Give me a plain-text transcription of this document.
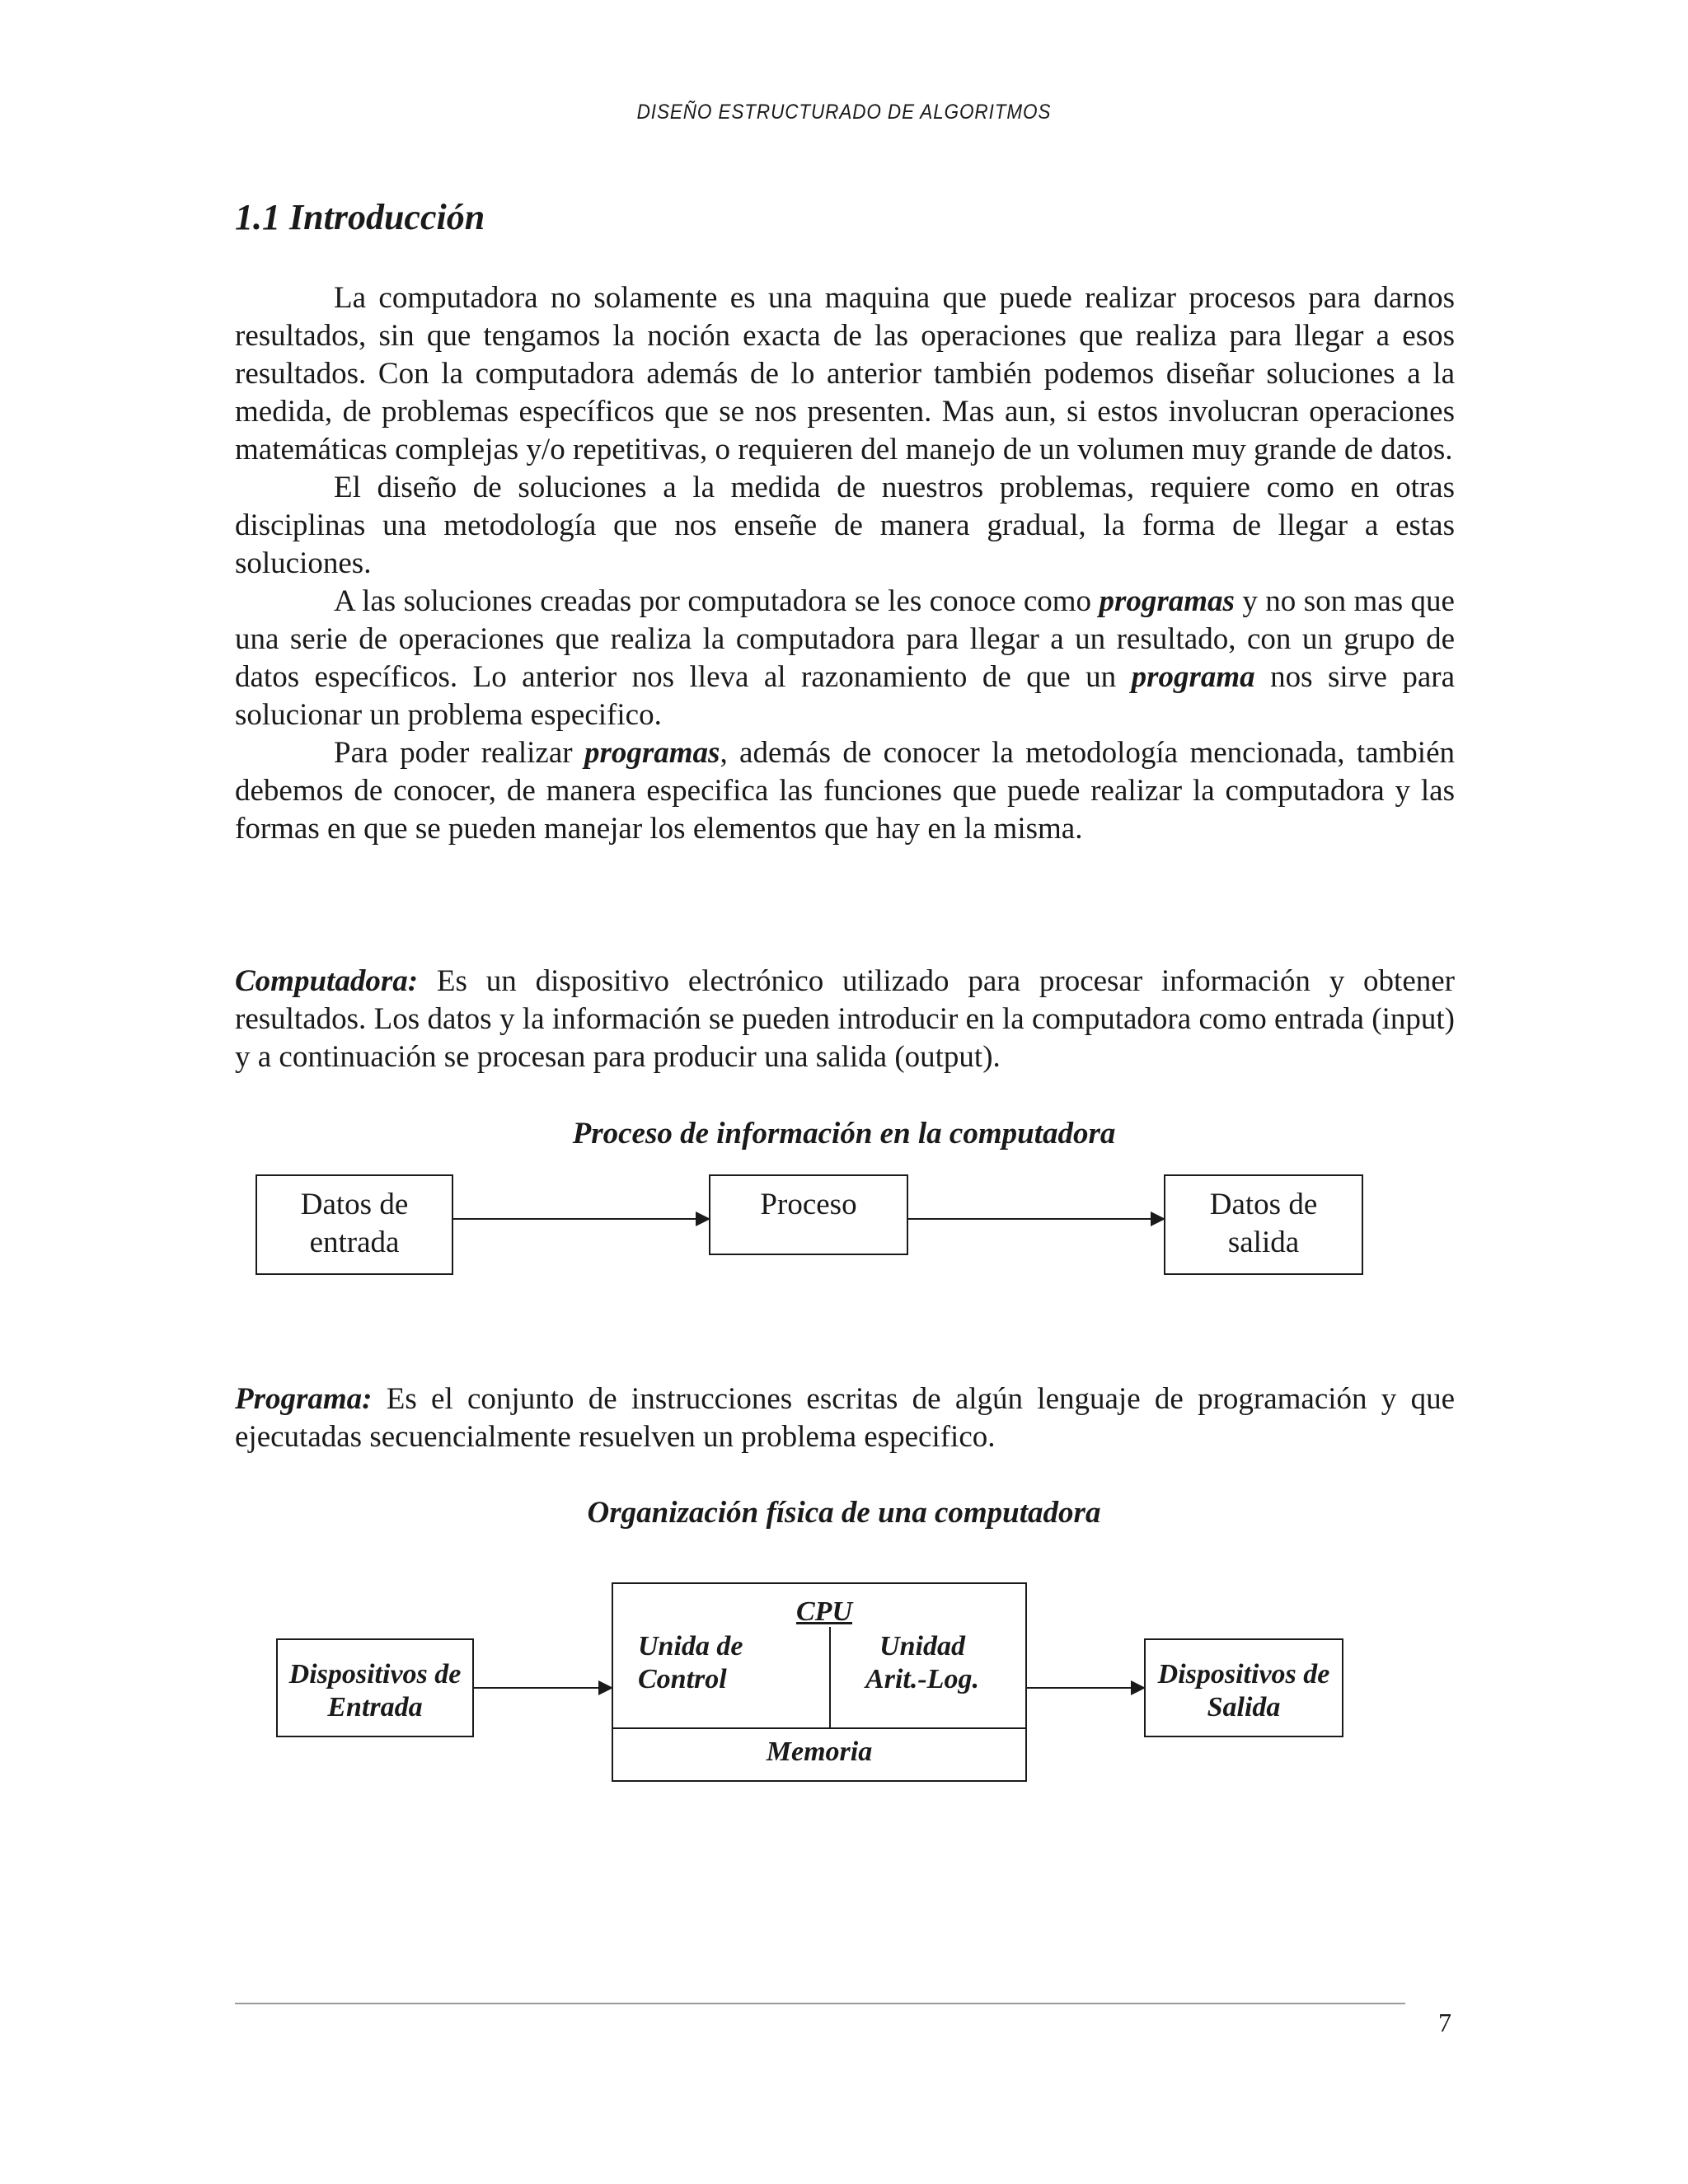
DISEÑO ESTRUCTURADO DE ALGORITMOS
1.1 Introducción

La computadora no solamente es una maquina que puede realizar procesos para darnos resultados, sin que tengamos la noción exacta de las operaciones que realiza para llegar a esos resultados. Con la computadora además de lo anterior también podemos diseñar soluciones a la medida, de problemas específicos que se nos presenten. Mas aun, si estos involucran operaciones matemáticas complejas y/o repetitivas, o requieren del manejo de un volumen muy grande de datos.

El diseño de soluciones a la medida de nuestros problemas, requiere como en otras disciplinas una metodología que nos enseñe de manera gradual, la forma de llegar a estas soluciones.

A las soluciones creadas por computadora se les conoce como programas y no son mas que una serie de operaciones que realiza la computadora para llegar a un resultado, con un grupo de datos específicos. Lo anterior nos lleva al razonamiento de que un programa nos sirve para solucionar un problema especifico.

Para poder realizar programas, además de conocer la metodología mencionada, también debemos de conocer, de manera especifica las funciones que puede realizar la computadora y las formas en que se pueden manejar los elementos que hay en la misma.

Computadora: Es un dispositivo electrónico utilizado para procesar información y obtener resultados. Los datos y la información se pueden introducir en la computadora como entrada (input) y a continuación se procesan para producir una salida (output).

Proceso de información en la computadora
Datos de
entrada
Proceso	Datos de
salida

Programa: Es el conjunto de instrucciones escritas de algún lenguaje de programación y que ejecutadas secuencialmente resuelven un problema especifico.

Organización física de una computadora
Dispositivos de
Entrada
CPU
Unida de
Control
Unidad
Arit.-Log.
Memoria
Dispositivos de
Salida
7
